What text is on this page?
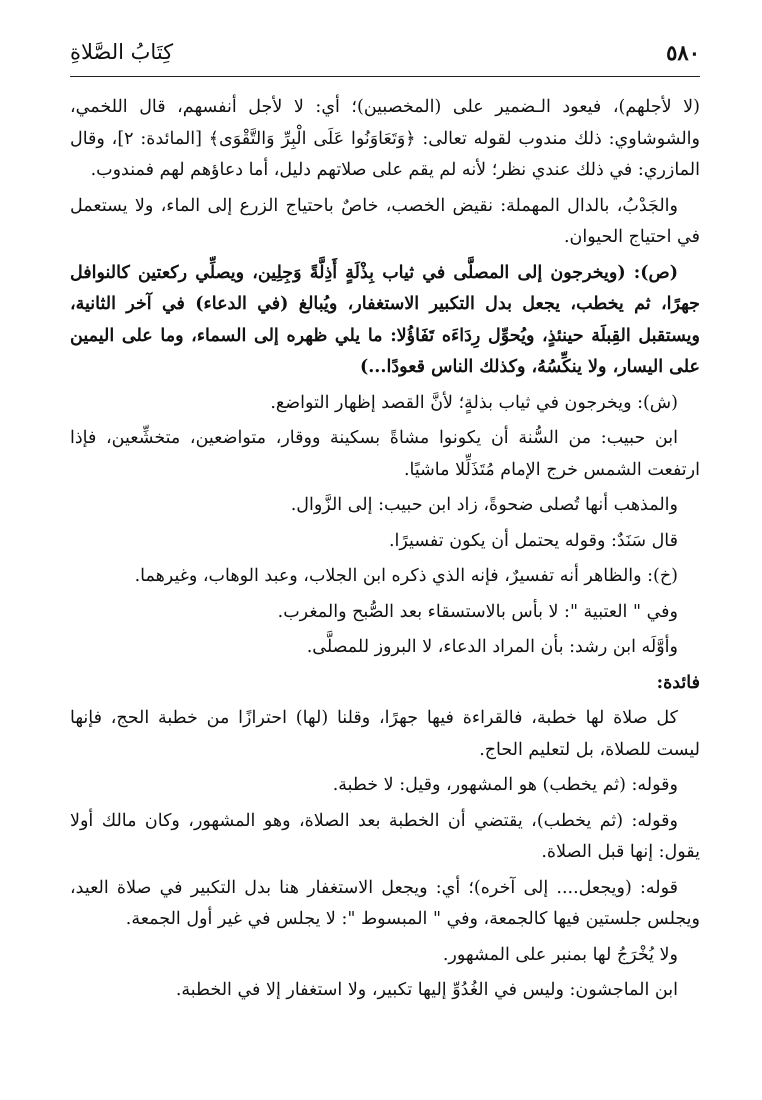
٥٨٠
كِتَابُ الصَّلاةِ

(لا لأجلهم)، فيعود الـضمير على (المخصبين)؛ أي: لا لأجل أنفسهم، قال اللخمي، والشوشاوي: ذلك مندوب لقوله تعالى: ﴿وَتَعَاوَنُوا عَلَى الْبِرِّ وَالتَّقْوَى﴾ [المائدة: ٢]، وقال المازري: في ذلك عندي نظر؛ لأنه لم يقم على صلاتهم دليل، أما دعاؤهم لهم فمندوب.

والجَدْبُ، بالدال المهملة: نقيض الخصب، خاصٌ باحتياج الزرع إلى الماء، ولا يستعمل في احتياج الحيوان.

(ص): (ويخرجون إلى المصلَّى في ثياب بِذْلَةٍ أَذِلَّةً وَجِلِين، ويصلِّي ركعتين كالنوافل جهرًا، ثم يخطب، يجعل بدل التكبير الاستغفار، ويُبالغ (في الدعاء) في آخر الثانية، ويستقبل القِبلَة حينئذٍ، ويُحوِّل رِدَاءَه تَفَاؤُلا: ما يلي ظهره إلى السماء، وما على اليمين على اليسار، ولا ينكِّسُهُ، وكذلك الناس قعودًا...)

(ش): ويخرجون في ثياب بذلةٍ؛ لأنَّ القصد إظهار التواضع.

ابن حبيب: من السُّنة أن يكونوا مشاةً بسكينة ووقار، متواضعين، متخشِّعين، فإذا ارتفعت الشمس خرج الإمام مُتَذَلِّلا ماشيًا.

والمذهب أنها تُصلى ضحوةً، زاد ابن حبيب: إلى الزَّوال.

قال سَنَدٌ: وقوله يحتمل أن يكون تفسيرًا.

(خ): والظاهر أنه تفسيرٌ، فإنه الذي ذكره ابن الجلاب، وعبد الوهاب، وغيرهما.

وفي " العتبية ": لا بأس بالاستسقاء بعد الصُّبح والمغرب.

وأوَّلَه ابن رشد: بأن المراد الدعاء، لا البروز للمصلَّى.

فائدة:

كل صلاة لها خطبة، فالقراءة فيها جهرًا، وقلنا (لها) احترازًا من خطبة الحج، فإنها ليست للصلاة، بل لتعليم الحاج.

وقوله: (ثم يخطب) هو المشهور، وقيل: لا خطبة.

وقوله: (ثم يخطب)، يقتضي أن الخطبة بعد الصلاة، وهو المشهور، وكان مالك أولا يقول: إنها قبل الصلاة.

قوله: (ويجعل.... إلى آخره)؛ أي: ويجعل الاستغفار هنا بدل التكبير في صلاة العيد، ويجلس جلستين فيها كالجمعة، وفي " المبسوط ": لا يجلس في غير أول الجمعة.

ولا يُخْرَجُ لها بمنبر على المشهور.

ابن الماجشون: وليس في الغُدُوِّ إليها تكبير، ولا استغفار إلا في الخطبة.
